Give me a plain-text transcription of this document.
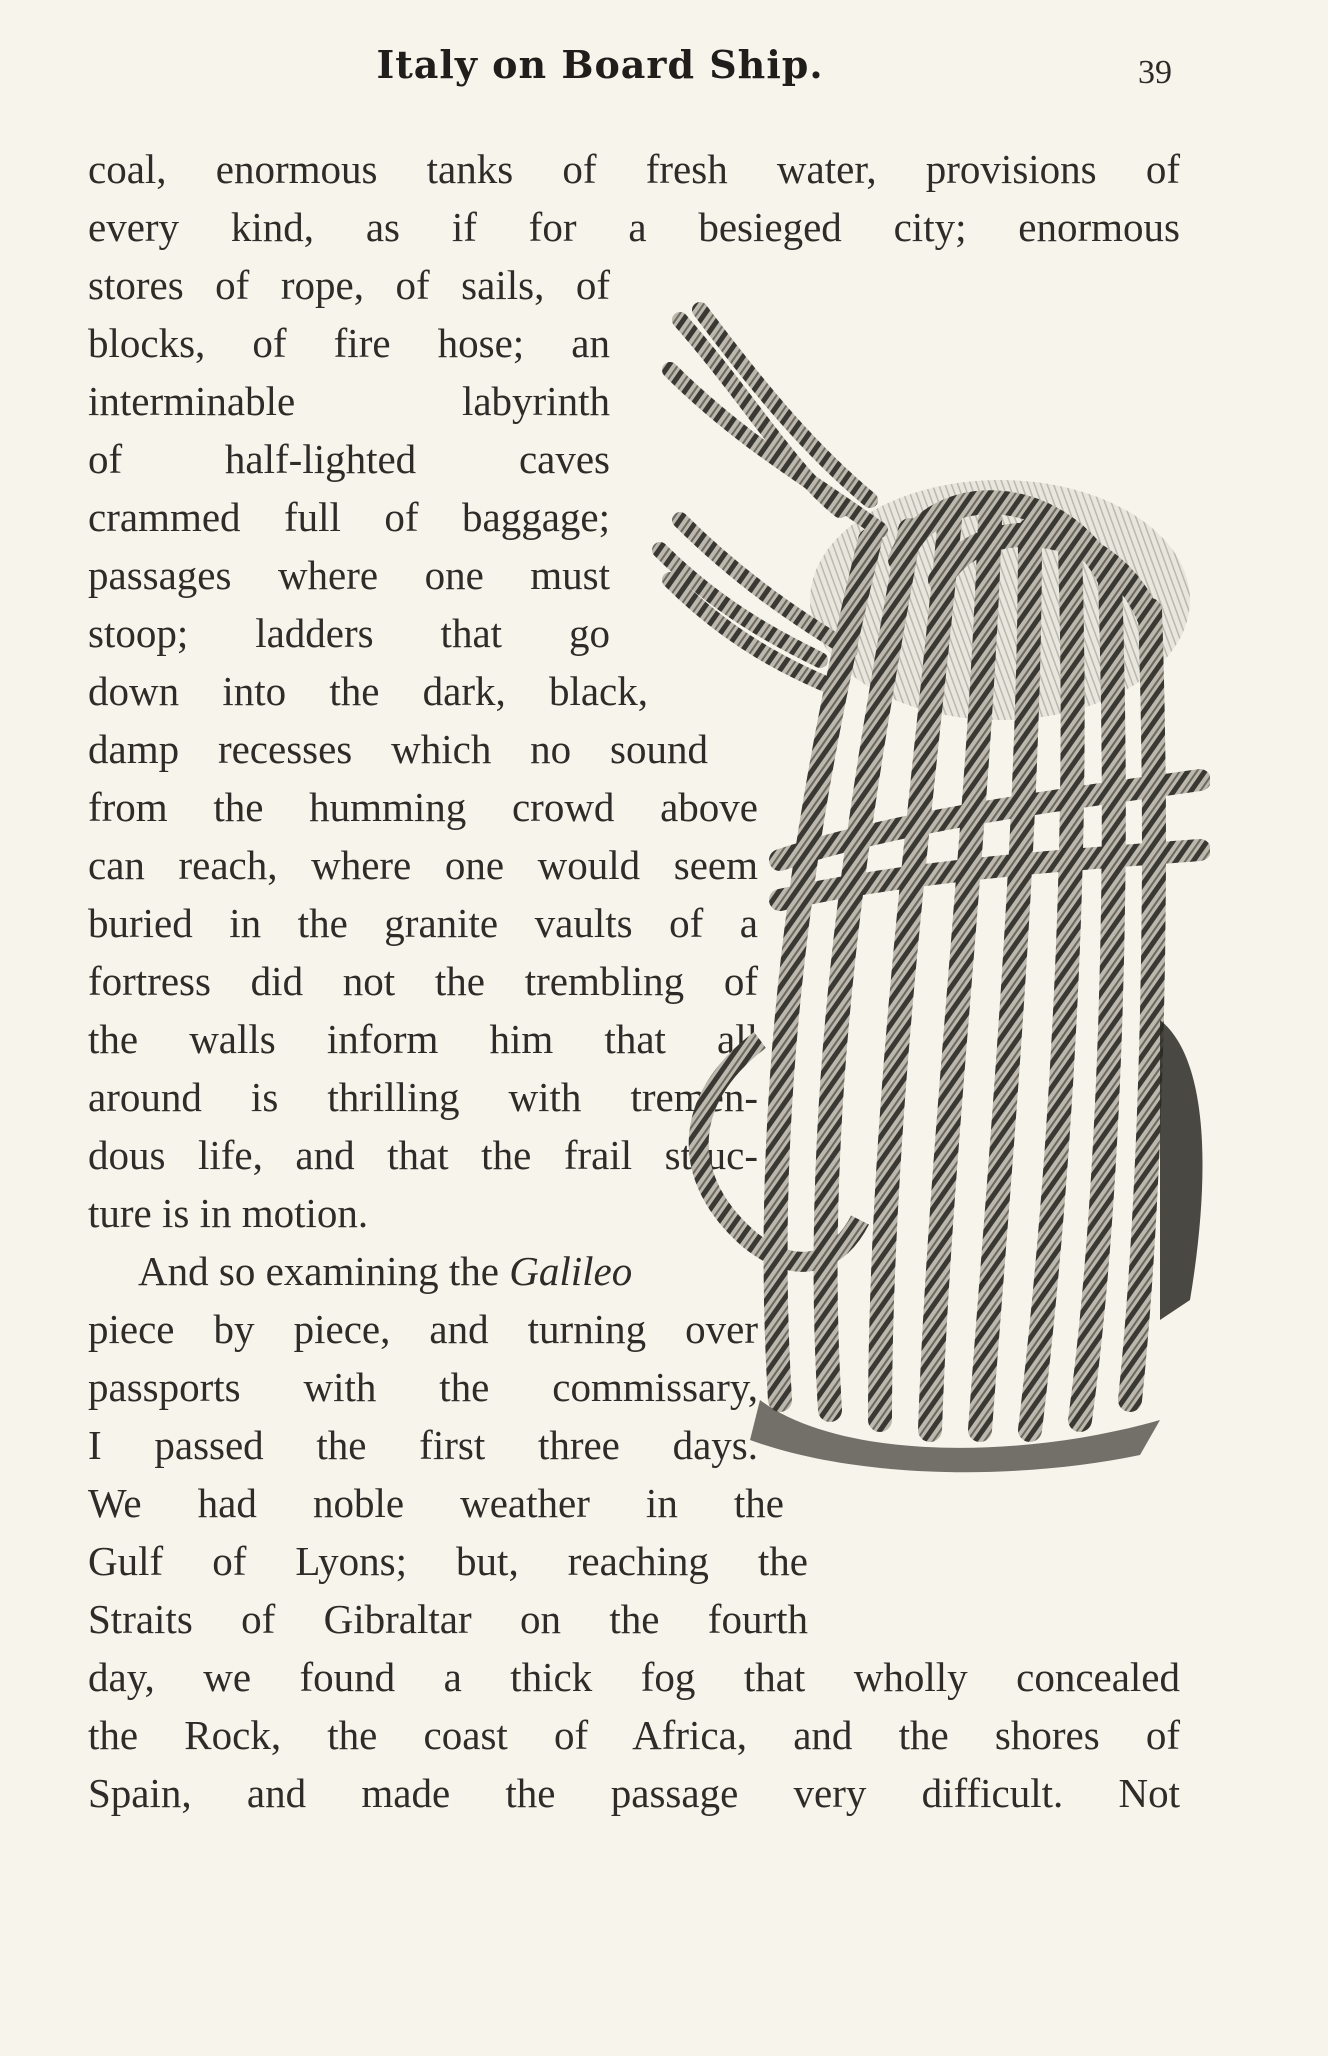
Italy on Board Ship.	39
coal, enormous tanks of fresh water, provisions of
every kind, as if for a besieged city; enormous
stores of rope, of sails, of
blocks, of fire hose; an
interminable labyrinth
of half-lighted caves
crammed full of baggage;
passages where one must
stoop; ladders that go
down into the dark, black,
damp recesses which no sound
from the humming crowd above
can reach, where one would seem
buried in the granite vaults of a
fortress did not the trembling of
the walls inform him that all
around is thrilling with tremen-
dous life, and that the frail struc-
ture is in motion.
And so examining the Galileo
piece by piece, and turning over
passports with the commissary,
I passed the first three days.
We had noble weather in the
Gulf of Lyons; but, reaching the
Straits of Gibraltar on the fourth
day, we found a thick fog that wholly concealed
the Rock, the coast of Africa, and the shores of
Spain, and made the passage very difficult. Not
